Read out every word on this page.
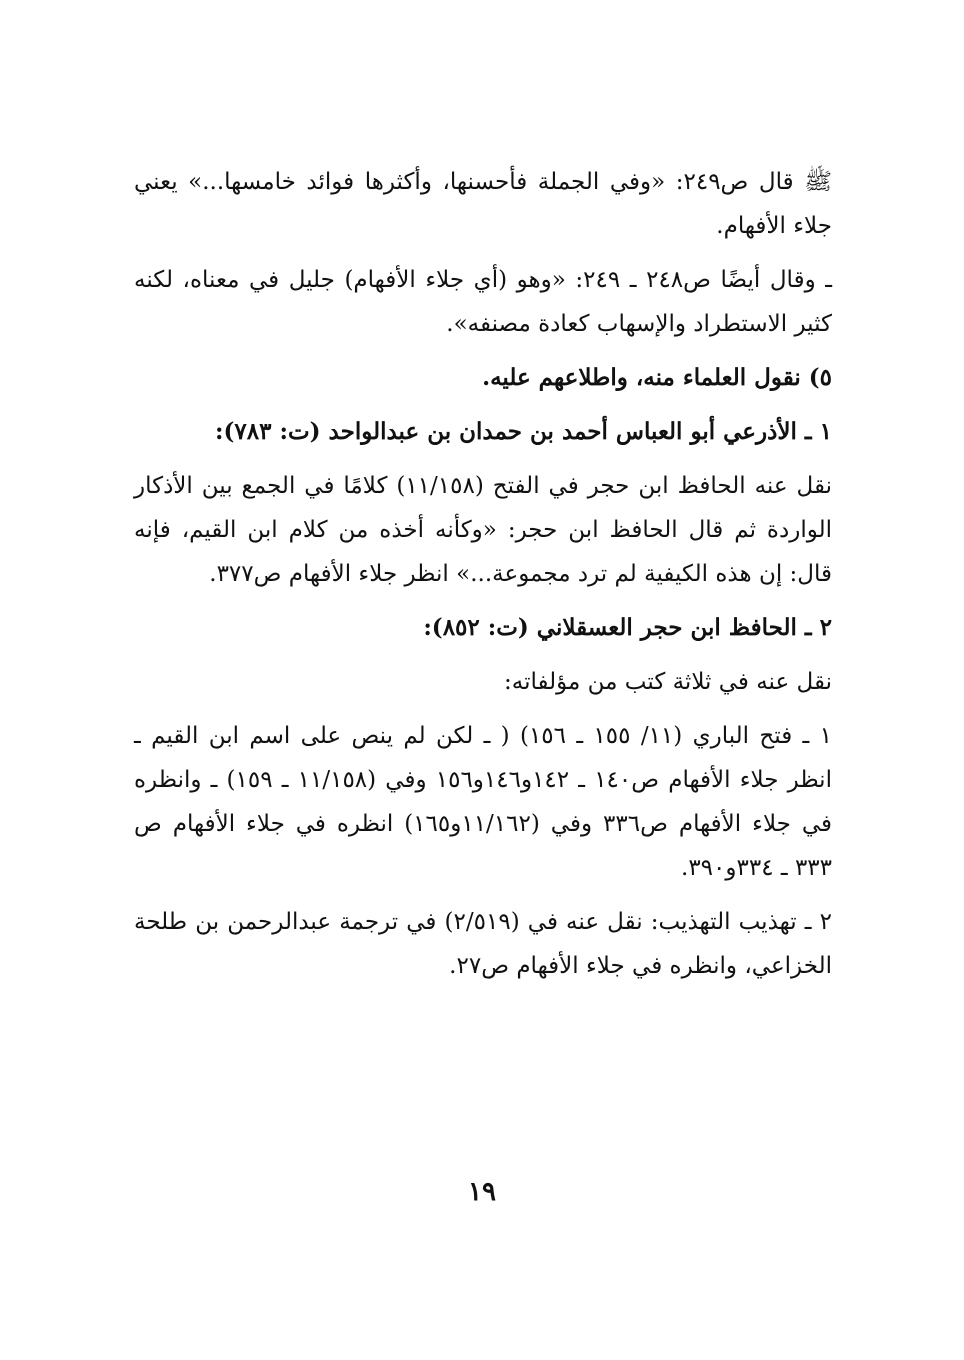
ﷺ قال ص٢٤٩: «وفي الجملة فأحسنها، وأكثرها فوائد خامسها...» يعني جلاء الأفهام.

ـ وقال أيضًا ص٢٤٨ ـ ٢٤٩: «وهو (أي جلاء الأفهام) جليل في معناه، لكنه كثير الاستطراد والإسهاب كعادة مصنفه».

٥) نقول العلماء منه، واطلاعهم عليه.

١ ـ الأذرعي أبو العباس أحمد بن حمدان بن عبدالواحد (ت: ٧٨٣):

نقل عنه الحافظ ابن حجر في الفتح (١١/١٥٨) كلامًا في الجمع بين الأذكار الواردة ثم قال الحافظ ابن حجر: «وكأنه أخذه من كلام ابن القيم، فإنه قال: إن هذه الكيفية لم ترد مجموعة...» انظر جلاء الأفهام ص٣٧٧.

٢ ـ الحافظ ابن حجر العسقلاني (ت: ٨٥٢):

نقل عنه في ثلاثة كتب من مؤلفاته:

١ ـ فتح الباري (١١/ ١٥٥ ـ ١٥٦) ( ـ لكن لم ينص على اسم ابن القيم ـ انظر جلاء الأفهام ص١٤٠ ـ ١٤٢و١٤٦و١٥٦ وفي (١١/١٥٨ ـ ١٥٩) ـ وانظره في جلاء الأفهام ص٣٣٦ وفي (١١/١٦٢و١٦٥) انظره في جلاء الأفهام ص ٣٣٣ ـ ٣٣٤و٣٩٠.

٢ ـ تهذيب التهذيب: نقل عنه في (٢/٥١٩) في ترجمة عبدالرحمن بن طلحة الخزاعي، وانظره في جلاء الأفهام ص٢٧.

١٩
